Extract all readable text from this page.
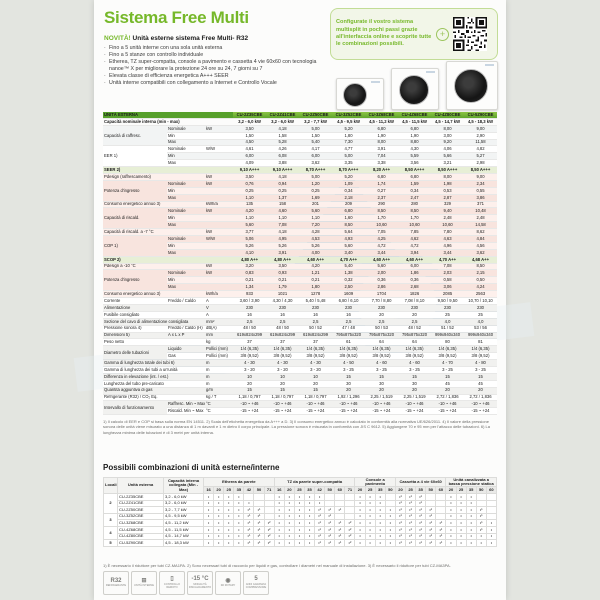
Sistema Free Multi
NOVITÀ! Unità esterne sistema Free Multi- R32
· Fino a 5 unità interne con una sola unità esterna
· Fino a 5 stanze con controllo individuale
· Etherea, TZ super-compatta, console a pavimento e cassetta 4 vie 60x60 con tecnologia nanoe™ X per migliorare la protezione 24 ore su 24, 7 giorni su 7
· Elevata classe di efficienza energetica A+++ SEER
· Unità interne compatibili con collegamento a Internet e Controllo Vocale
Configurate il vostro sistema multisplit in pochi passi grazie all'interfaccia online e scoprite tutte le combinazioni possibili.
+
UNITÀ ESTERNA			CU-2Z35CBE	CU-2Z41CBE	CU-2Z50CBE	CU-3Z52CBE	CU-3Z68CBE	CU-4Z68CBE	CU-4Z80CBE	CU-5Z90CBE
Capacità nominale interna (min - max)			3,2 - 6,0 kW	3,2 - 6,0 kW	3,2 - 7,7 kW	4,5 - 9,5 kW	4,5 - 11,2 kW	4,5 - 11,5 kW	4,5 - 14,7 kW	4,5 - 18,3 kW
Capacità di raffresc.	Nominale	kW	3,50	4,18	5,00	5,20	6,80	6,80	8,00	9,00
	Min		1,50	1,58	1,50	1,80	1,90	1,90	3,00	2,90
	Max		4,50	5,28	5,40	7,30	8,00	8,80	9,20	11,58
EER 1)	Nominale	W/W	4,61	4,26	4,17	4,77	3,91	4,30	4,06	4,82
	Min		6,00	6,08	6,00	5,00	7,04	5,59	5,66	5,27
	Max		4,09	3,88	3,62	3,35	3,38	3,56	3,21	2,98
SEER 2)			9,10 A+++	9,10 A+++	8,70 A+++	8,70 A+++	8,20 A++	8,50 A+++	8,50 A+++	8,50 A+++
Pdesign (raffrescamento)		kW	3,50	4,18	5,00	5,20	6,80	6,80	8,00	9,00
Potenza d'ingresso	Nominale	kW	0,76	0,94	1,20	1,09	1,74	1,59	1,98	2,34
	Min		0,25	0,25	0,25	0,34	0,27	0,34	0,53	0,55
	Max		1,10	1,37	1,69	2,18	2,37	2,47	2,87	3,86
Consumo energetico annuo 3)		kWh/a	135	158	201	209	290	280	329	371
Capacità di riscald.	Nominale	kW	4,20	4,60	5,60	6,80	8,50	8,50	9,40	10,48
	Min		1,10	1,10	1,10	1,60	1,70	1,70	2,48	2,48
	Max		5,60	7,08	7,20	8,50	10,60	10,60	10,60	14,58
Capacità di riscald. a -7 °C		kW	3,77	4,18	4,28	5,64	7,05	7,85	7,80	8,62
COP 1)	Nominale	W/W	5,06	4,95	4,53	4,93	4,25	4,62	4,63	4,84
	Min		5,26	5,26	5,26	5,60	4,72	4,72	4,96	4,56
	Max		4,10	3,91	4,00	3,40	3,44	3,94	3,44	3,62
SCOP 2)			4,80 A++	4,80 A++	4,60 A++	4,70 A++	4,60 A++	4,60 A++	4,70 A++	4,68 A++
Pdesign a -10 °C		kW	3,20	3,50	4,20	5,40	5,60	6,00	7,08	8,50
Potenza d'ingresso	Nominale	kW	0,83	0,93	1,21	1,38	2,00	1,86	2,03	2,15
	Min		0,21	0,21	0,21	0,32	0,36	0,36	0,58	0,50
	Max		1,34	1,79	1,80	2,50	2,86	2,68	3,06	4,24
Consumo energetico annuo 3)		kWh/a	933	1021	1278	1609	1704	1826	2085	2563
Corrente	Freddo / Caldo	A	3,60 / 3,90	4,30 / 4,30	5,40 / 5,48	6,80 / 6,10	7,70 / 8,80	7,08 / 8,10	9,50 / 9,50	10,70 / 10,10
Alimentazione		V	230	230	230	230	230	230	230	230
Fusibile consigliato		A	16	16	16	16	20	20	25	25
Sezione del cavo di alimentazione consigliata		mm²	2,5	2,5	2,5	2,5	2,5	2,5	4,0	4,0
Pressione sonora 4)	Freddo / Caldo (H)	dB(A)	48 / 50	48 / 50	50 / 52	47 / 48	50 / 53	48 / 52	51 / 52	53 / 56
Dimensioni 5)	A x L x P	mm	619x824x299	619x824x299	619x824x299	795x875x320	795x875x320	795x875x320	999x940x340	999x940x340
Peso netto		kg	37	37	37	61	64	64	80	81
Diametro delle tubazioni	Liquido	Pollici (mm)	1/4 (6,35)	1/4 (6,35)	1/4 (6,35)	1/4 (6,35)	1/4 (6,35)	1/4 (6,35)	1/4 (6,35)	1/4 (6,35)
	Gas	Pollici (mm)	3/8 (9,52)	3/8 (9,52)	3/8 (9,52)	3/8 (9,52)	3/8 (9,52)	3/8 (9,52)	3/8 (9,52)	3/8 (9,52)
Gamma di lunghezza totale dei tubi 6)		m	4 - 30	4 - 30	4 - 30	4 - 50	4 - 60	4 - 60	4 - 70	4 - 80
Gamma di lunghezza dei tubi a un'unità		m	3 - 20	3 - 20	3 - 20	3 - 25	3 - 25	3 - 25	3 - 25	3 - 25
Differenza in elevazione (int. / est.)		m	10	10	10	15	15	15	15	15
Lunghezza del tubo pre-caricato		m	20	20	20	30	30	30	45	45
Quantità aggiuntiva di gas		g/m	15	15	15	20	20	20	20	20
Refrigerante (R32) / CO₂ Eq.		kg / T	1,18 / 0,797	1,18 / 0,797	1,18 / 0,797	1,92 / 1,296	2,25 / 1,519	2,25 / 1,519	2,72 / 1,836	2,72 / 1,836
Intervallo di funzionamento	Raffresc. Min ~ Max	°C	-10 ~ +46	-10 ~ +46	-10 ~ +46	-10 ~ +46	-10 ~ +46	-10 ~ +46	-10 ~ +46	-10 ~ +46
	Riscald. Min ~ Max	°C	-15 ~ +24	-15 ~ +24	-15 ~ +24	-15 ~ +24	-15 ~ +24	-15 ~ +24	-15 ~ +24	-15 ~ +24
1) Il calcolo di EER e COP si basa sulla norma EN 14511. 2) Scala dell'etichetta energetica da A+++ a D. 3) Il consumo energetico annuo è calcolato in conformità alla normativa UE/626/2011. 4) Il valore della pressione sonora delle unità viene misurato a una distanza di 1 m davanti e 1 m dietro il corpo principale. La pressione sonora è misurata in conformità con JIS C 9612. 5) Aggiungere 70 e 95 mm per l'attacco delle tubazioni. 6) La lunghezza minima delle tubazioni è di 3 metri per unità interna.
Possibili combinazioni di unità esterne/interne
Locali	Unità esterna	Capacità interna collegata (Min - Max)	Etherea da parete							TZ da parete super-compatta								Console a pavimento				Cassetta a 4 vie 60x60					Unità canalizzata a bassa pressione statica				
			16	20	25	35	42	50	71	16	20	25	35	42	50	60	71	20	25	35	50	20	25	35	50	60	20	25	35	50	60
2	CU-2Z35CBE	3,2 - 6,0 kW	•	•	•	•				•	•	•	•	•				•	•	•		•¹	•¹	•¹			•	•	•		
	CU-2Z41CBE	3,2 - 6,0 kW	•	•	•	•	•			•	•	•	•	•				•	•	•		•¹	•¹	•¹			•	•	•		
	CU-2Z50CBE	3,2 - 7,7 kW	•	•	•	•	•¹	•¹		•	•	•	•	•¹	•¹	•¹		•	•	•	•	•¹	•¹	•¹	•¹		•	•	•	•¹	
3	CU-3Z52CBE	4,5 - 9,5 kW	•	•	•	•	•¹	•¹		•	•	•	•	•¹	•¹			•	•	•	•	•¹	•¹	•¹	•¹		•	•	•	•¹	
	CU-3Z68CBE	4,5 - 11,2 kW	•	•	•	•	•¹	•¹	•²	•	•	•	•	•¹	•¹	•¹	•²	•	•	•	•	•¹	•¹	•¹	•¹	•¹	•	•	•	•¹	•
4	CU-4Z68CBE	4,5 - 11,5 kW	•	•	•	•	•¹	•¹	•²	•	•	•	•	•¹	•¹	•¹	•²	•	•	•	•	•¹	•¹	•¹	•¹	•¹	•	•	•	•¹	•
	CU-4Z80CBE	4,5 - 14,7 kW	•	•	•	•	•¹	•¹	•²	•	•	•	•	•¹	•¹	•¹	•²	•	•	•	•	•¹	•¹	•¹	•¹	•¹	•	•	•	•	•
5	CU-5Z90CBE	4,5 - 18,3 kW	•	•	•	•	•¹	•¹	•²	•	•	•	•	•¹	•¹	•¹	•²	•	•	•	•	•¹	•¹	•¹	•¹	•¹	•	•	•	•	•
1) È necessario il riduttore per tubi CZ-MA1PA. 2) Sono necessari tubi di raccordo per liquidi e gas, controllare i diametri nel manuale di installazione. 3) È necessario il riduttore per tubi CZ-MA3PA.
R32
REFRIGERANTE
⊞
UNITÀ INTERNE
▯
CONTROLLO REMOTO
-15 °C
MODALITÀ RISCALDAMENTO
◉
R2 ROTARY
5
ANNI GARANZIA COMPRESSORE
